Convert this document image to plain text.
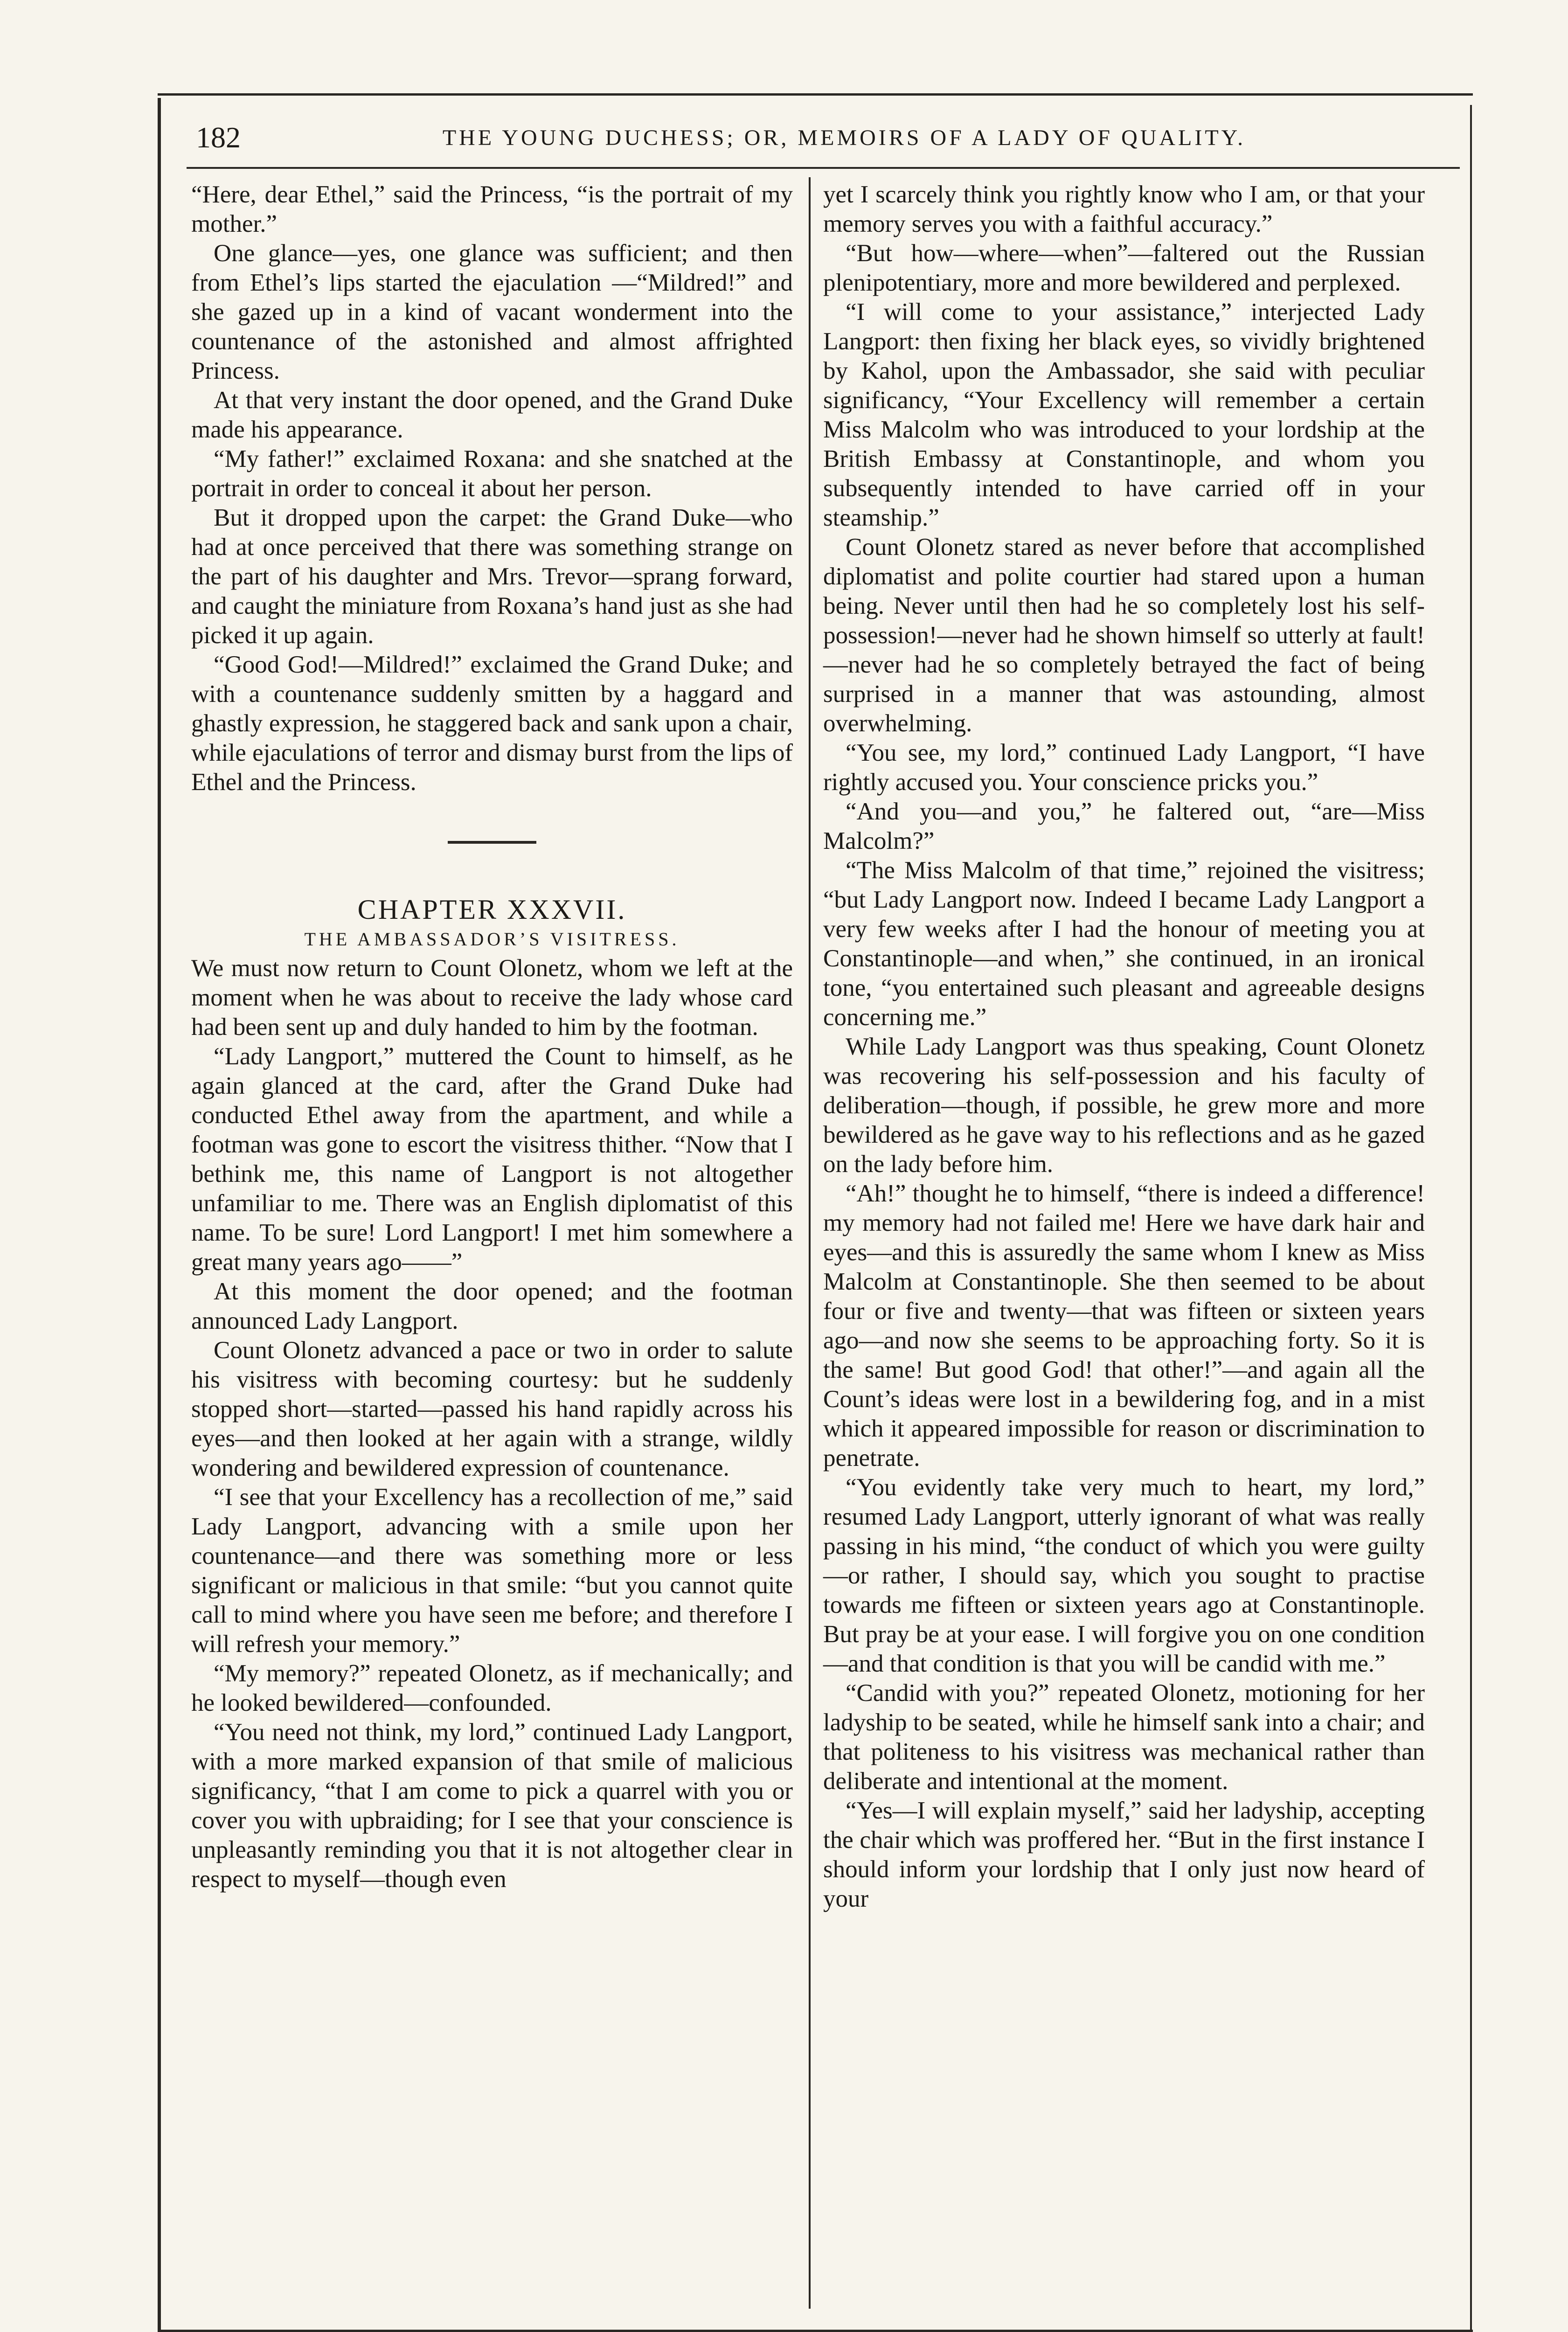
182	THE YOUNG DUCHESS; OR, MEMOIRS OF A LADY OF QUALITY.

“Here, dear Ethel,” said the Princess, “is the portrait of my mother.”

One glance—yes, one glance was sufficient; and then from Ethel’s lips started the ejaculation —“Mildred!” and she gazed up in a kind of vacant wonderment into the countenance of the astonished and almost affrighted Princess.

At that very instant the door opened, and the Grand Duke made his appearance.

“My father!” exclaimed Roxana: and she snatched at the portrait in order to conceal it about her person.

But it dropped upon the carpet: the Grand Duke—who had at once perceived that there was something strange on the part of his daughter and Mrs. Trevor—sprang forward, and caught the miniature from Roxana’s hand just as she had picked it up again.

“Good God!—Mildred!” exclaimed the Grand Duke; and with a countenance suddenly smitten by a haggard and ghastly expression, he staggered back and sank upon a chair, while ejaculations of terror and dismay burst from the lips of Ethel and the Princess.

CHAPTER XXXVII.

THE AMBASSADOR’S VISITRESS.

We must now return to Count Olonetz, whom we left at the moment when he was about to receive the lady whose card had been sent up and duly handed to him by the footman.

“Lady Langport,” muttered the Count to himself, as he again glanced at the card, after the Grand Duke had conducted Ethel away from the apartment, and while a footman was gone to escort the visitress thither. “Now that I bethink me, this name of Langport is not altogether unfamiliar to me. There was an English diplomatist of this name. To be sure! Lord Langport! I met him somewhere a great many years ago——”

At this moment the door opened; and the footman announced Lady Langport.

Count Olonetz advanced a pace or two in order to salute his visitress with becoming courtesy: but he suddenly stopped short—started—passed his hand rapidly across his eyes—and then looked at her again with a strange, wildly wondering and bewildered expression of countenance.

“I see that your Excellency has a recollection of me,” said Lady Langport, advancing with a smile upon her countenance—and there was something more or less significant or malicious in that smile: “but you cannot quite call to mind where you have seen me before; and therefore I will refresh your memory.”

“My memory?” repeated Olonetz, as if mechanically; and he looked bewildered—confounded.

“You need not think, my lord,” continued Lady Langport, with a more marked expansion of that smile of malicious significancy, “that I am come to pick a quarrel with you or cover you with upbraiding; for I see that your conscience is unpleasantly reminding you that it is not altogether clear in respect to myself—though even

yet I scarcely think you rightly know who I am, or that your memory serves you with a faithful accuracy.”

“But how—where—when”—faltered out the Russian plenipotentiary, more and more bewildered and perplexed.

“I will come to your assistance,” interjected Lady Langport: then fixing her black eyes, so vividly brightened by Kahol, upon the Ambassador, she said with peculiar significancy, “Your Excellency will remember a certain Miss Malcolm who was introduced to your lordship at the British Embassy at Constantinople, and whom you subsequently intended to have carried off in your steamship.”

Count Olonetz stared as never before that accomplished diplomatist and polite courtier had stared upon a human being. Never until then had he so completely lost his self-possession!—never had he shown himself so utterly at fault!—never had he so completely betrayed the fact of being surprised in a manner that was astounding, almost overwhelming.

“You see, my lord,” continued Lady Langport, “I have rightly accused you. Your conscience pricks you.”

“And you—and you,” he faltered out, “are—Miss Malcolm?”

“The Miss Malcolm of that time,” rejoined the visitress; “but Lady Langport now. Indeed I became Lady Langport a very few weeks after I had the honour of meeting you at Constantinople—and when,” she continued, in an ironical tone, “you entertained such pleasant and agreeable designs concerning me.”

While Lady Langport was thus speaking, Count Olonetz was recovering his self-possession and his faculty of deliberation—though, if possible, he grew more and more bewildered as he gave way to his reflections and as he gazed on the lady before him.

“Ah!” thought he to himself, “there is indeed a difference! my memory had not failed me! Here we have dark hair and eyes—and this is assuredly the same whom I knew as Miss Malcolm at Constantinople. She then seemed to be about four or five and twenty—that was fifteen or sixteen years ago—and now she seems to be approaching forty. So it is the same! But good God! that other!”—and again all the Count’s ideas were lost in a bewildering fog, and in a mist which it appeared impossible for reason or discrimination to penetrate.

“You evidently take very much to heart, my lord,” resumed Lady Langport, utterly ignorant of what was really passing in his mind, “the conduct of which you were guilty—or rather, I should say, which you sought to practise towards me fifteen or sixteen years ago at Constantinople. But pray be at your ease. I will forgive you on one condition—and that condition is that you will be candid with me.”

“Candid with you?” repeated Olonetz, motioning for her ladyship to be seated, while he himself sank into a chair; and that politeness to his visitress was mechanical rather than deliberate and intentional at the moment.

“Yes—I will explain myself,” said her ladyship, accepting the chair which was proffered her. “But in the first instance I should inform your lordship that I only just now heard of your
